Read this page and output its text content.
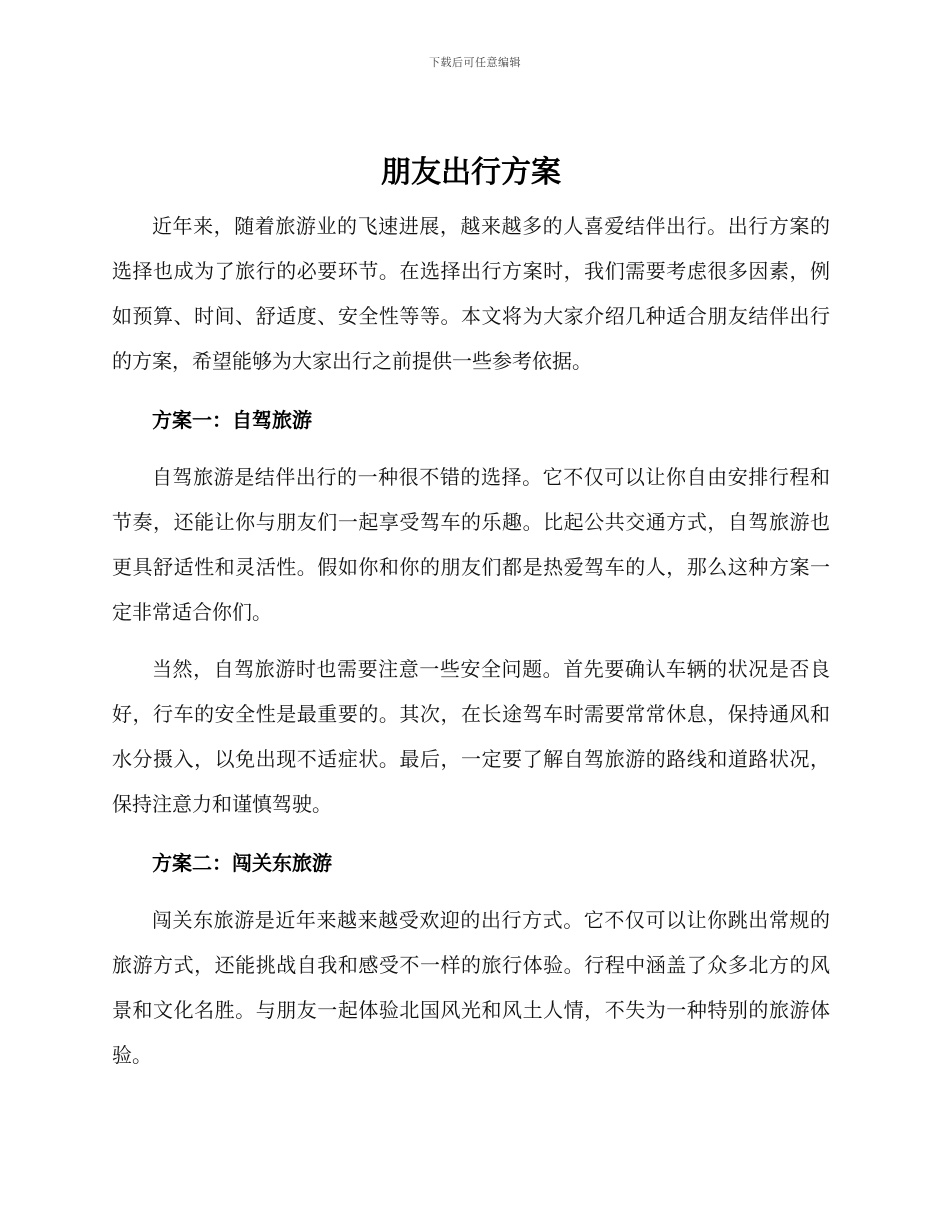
下载后可任意编辑
朋友出行方案

近年来，随着旅游业的飞速进展，越来越多的人喜爱结伴出行。出行方案的选择也成为了旅行的必要环节。在选择出行方案时，我们需要考虑很多因素，例如预算、时间、舒适度、安全性等等。本文将为大家介绍几种适合朋友结伴出行的方案，希望能够为大家出行之前提供一些参考依据。

方案一：自驾旅游

自驾旅游是结伴出行的一种很不错的选择。它不仅可以让你自由安排行程和节奏，还能让你与朋友们一起享受驾车的乐趣。比起公共交通方式，自驾旅游也更具舒适性和灵活性。假如你和你的朋友们都是热爱驾车的人，那么这种方案一定非常适合你们。

当然，自驾旅游时也需要注意一些安全问题。首先要确认车辆的状况是否良好，行车的安全性是最重要的。其次，在长途驾车时需要常常休息，保持通风和水分摄入，以免出现不适症状。最后，一定要了解自驾旅游的路线和道路状况，保持注意力和谨慎驾驶。

方案二：闯关东旅游

闯关东旅游是近年来越来越受欢迎的出行方式。它不仅可以让你跳出常规的旅游方式，还能挑战自我和感受不一样的旅行体验。行程中涵盖了众多北方的风景和文化名胜。与朋友一起体验北国风光和风土人情，不失为一种特别的旅游体验。
